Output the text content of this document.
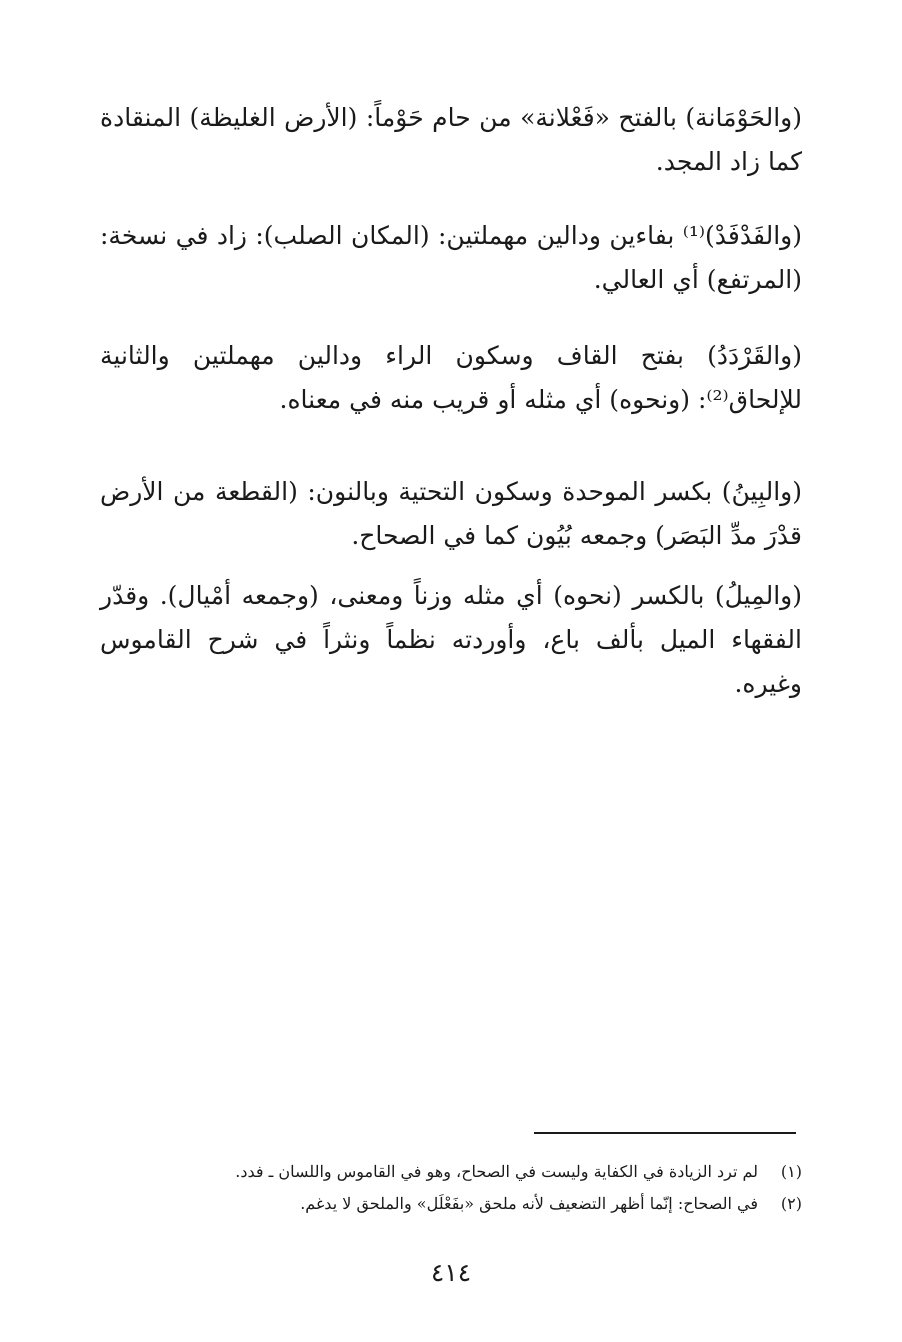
(والحَوْمَانة) بالفتح «فَعْلانة» من حام حَوْماً: (الأرض الغليظة) المنقادة كما زاد المجد.

(والفَدْفَدْ)⁽¹⁾ بفاءين ودالين مهملتين: (المكان الصلب): زاد في نسخة: (المرتفع) أي العالي.

(والقَرْدَدُ) بفتح القاف وسكون الراء ودالين مهملتين والثانية للإلحاق⁽²⁾: (ونحوه) أي مثله أو قريب منه في معناه.

(والبِينُ) بكسر الموحدة وسكون التحتية وبالنون: (القطعة من الأرض قدْرَ مدِّ البَصَر) وجمعه بُيُون كما في الصحاح.

(والمِيلُ) بالكسر (نحوه) أي مثله وزناً ومعنى، (وجمعه أمْيال). وقدّر الفقهاء الميل بألف باع، وأوردته نظماً ونثراً في شرح القاموس وغيره.

(١)
لم ترد الزيادة في الكفاية وليست في الصحاح، وهو في القاموس واللسان ـ فدد.
(٢)
في الصحاح: إنّما أظهر التضعيف لأنه ملحق «بفَعْلَل» والملحق لا يدغم.
٤١٤
